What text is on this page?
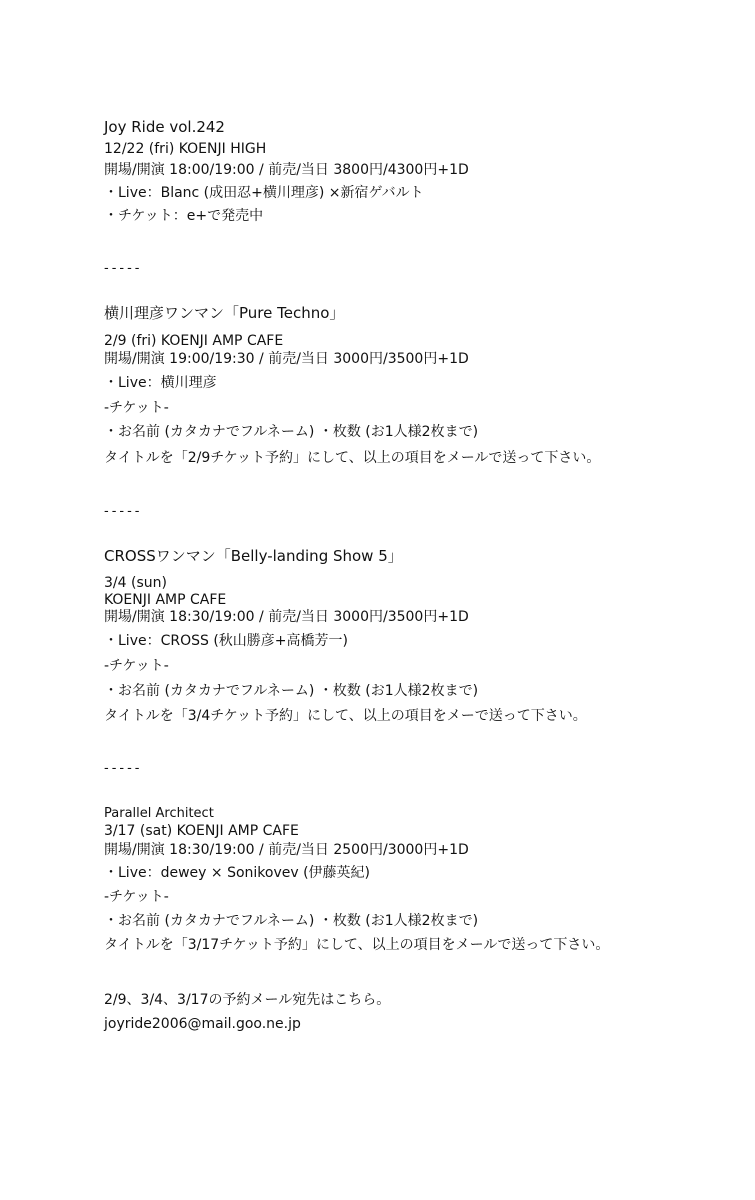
Joy Ride vol.242
12/22 (fri) KOENJI HIGH
開場/開演 18:00/19:00 / 前売/当日 3800円/4300円+1D
・Live：Blanc (成田忍+横川理彦) ×新宿ゲバルト
・チケット：e+で発売中
-----
横川理彦ワンマン「Pure Techno」
2/9 (fri) KOENJI AMP CAFE
開場/開演 19:00/19:30 / 前売/当日 3000円/3500円+1D
・Live：横川理彦
-チケット-
・お名前 (カタカナでフルネーム) ・枚数 (お1人様2枚まで)
タイトルを「2/9チケット予約」にして、以上の項目をメールで送って下さい。
-----
CROSSワンマン「Belly-landing Show 5」
3/4 (sun)
KOENJI AMP CAFE
開場/開演 18:30/19:00 / 前売/当日 3000円/3500円+1D
・Live：CROSS (秋山勝彦+高橋芳一)
-チケット-
・お名前 (カタカナでフルネーム) ・枚数 (お1人様2枚まで)
タイトルを「3/4チケット予約」にして、以上の項目をメーで送って下さい。
-----
Parallel Architect
3/17 (sat) KOENJI AMP CAFE
開場/開演 18:30/19:00 / 前売/当日 2500円/3000円+1D
・Live：dewey × Sonikovev (伊藤英紀)
-チケット-
・お名前 (カタカナでフルネーム) ・枚数 (お1人様2枚まで)
タイトルを「3/17チケット予約」にして、以上の項目をメールで送って下さい。
2/9、3/4、3/17の予約メール宛先はこちら。
joyride2006@mail.goo.ne.jp
